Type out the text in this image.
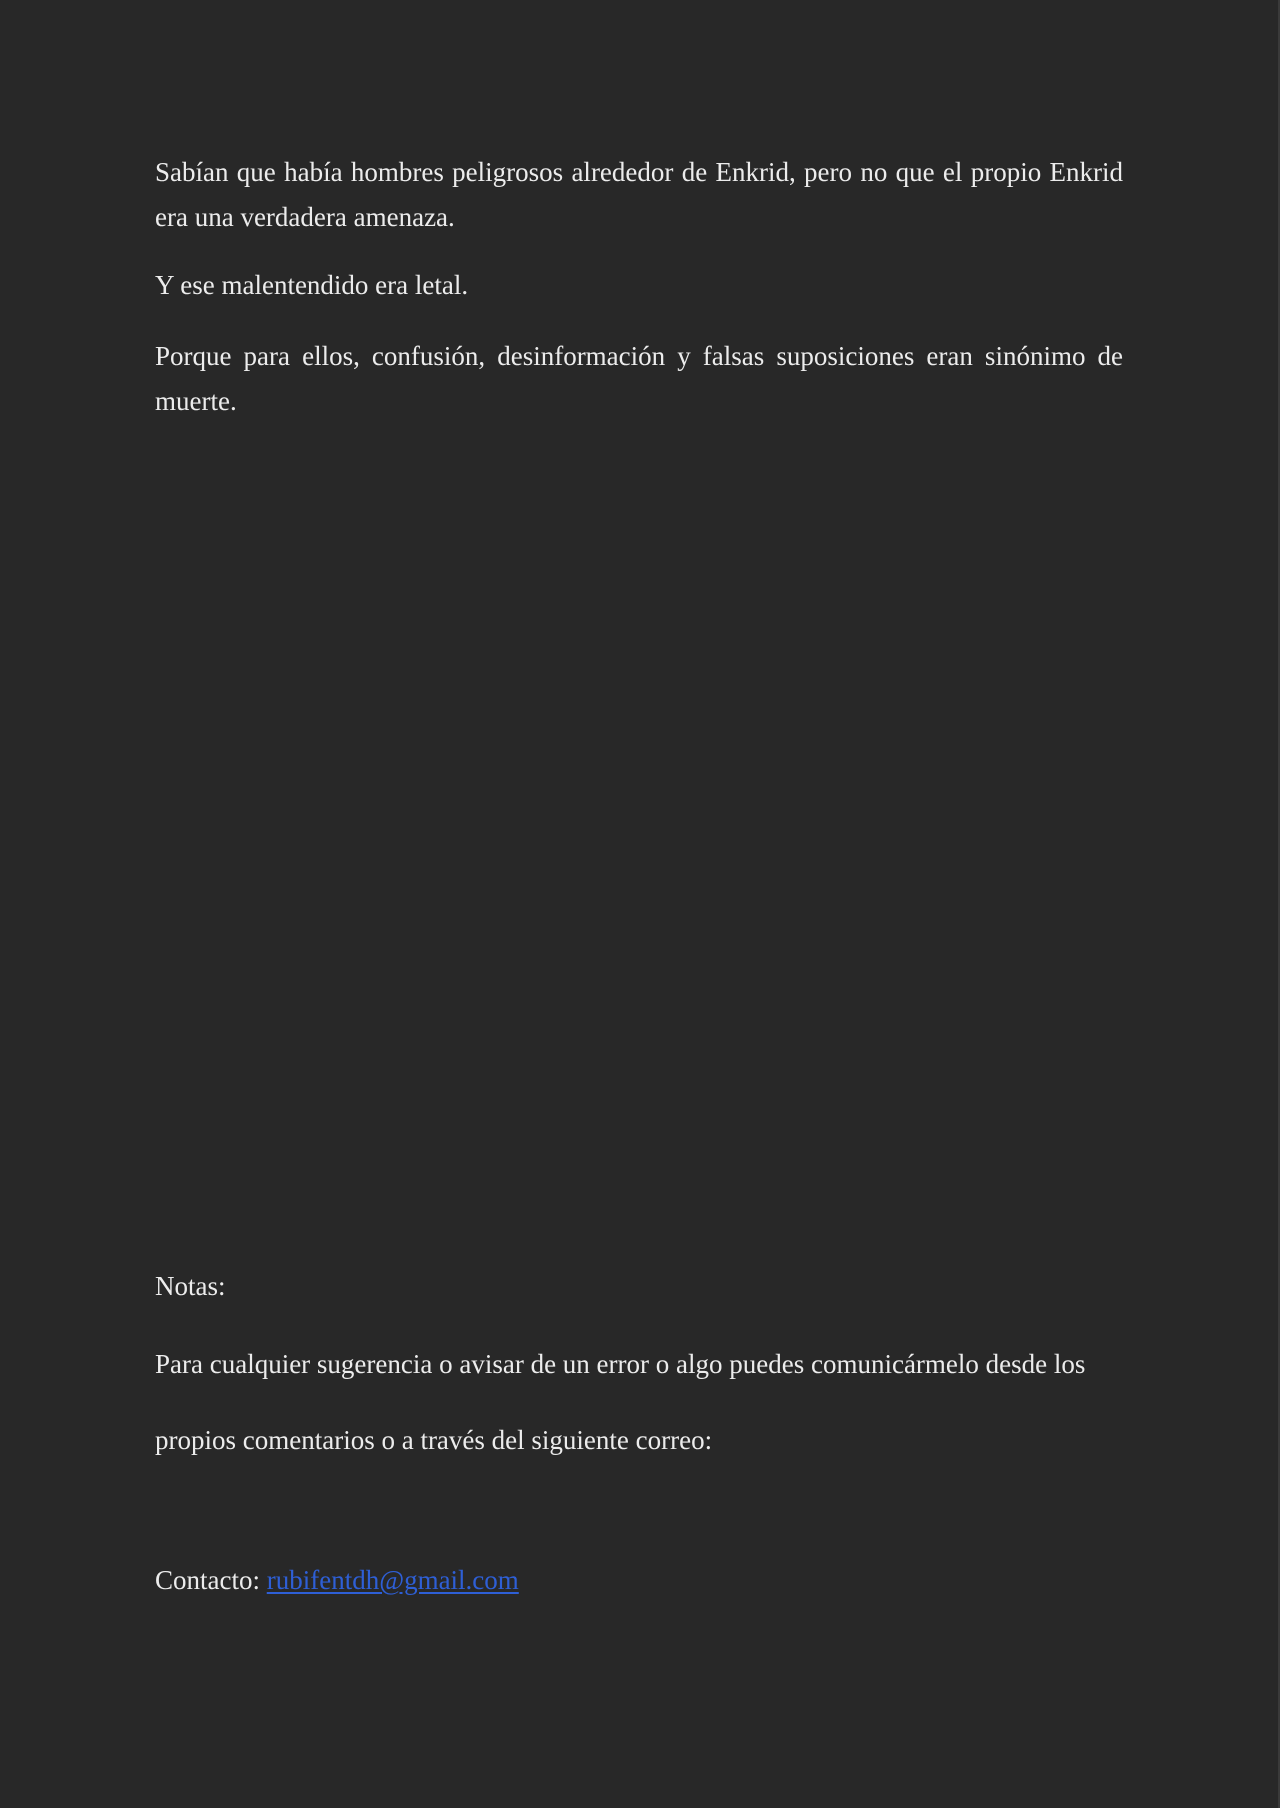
Sabían que había hombres peligrosos alrededor de Enkrid, pero no que el propio Enkrid era una verdadera amenaza.

Y ese malentendido era letal.

Porque para ellos, confusión, desinformación y falsas suposiciones eran sinónimo de muerte.

Notas:

Para cualquier sugerencia o avisar de un error o algo puedes comunicármelo desde los

propios comentarios o a través del siguiente correo:

Contacto: rubifentdh@gmail.com
